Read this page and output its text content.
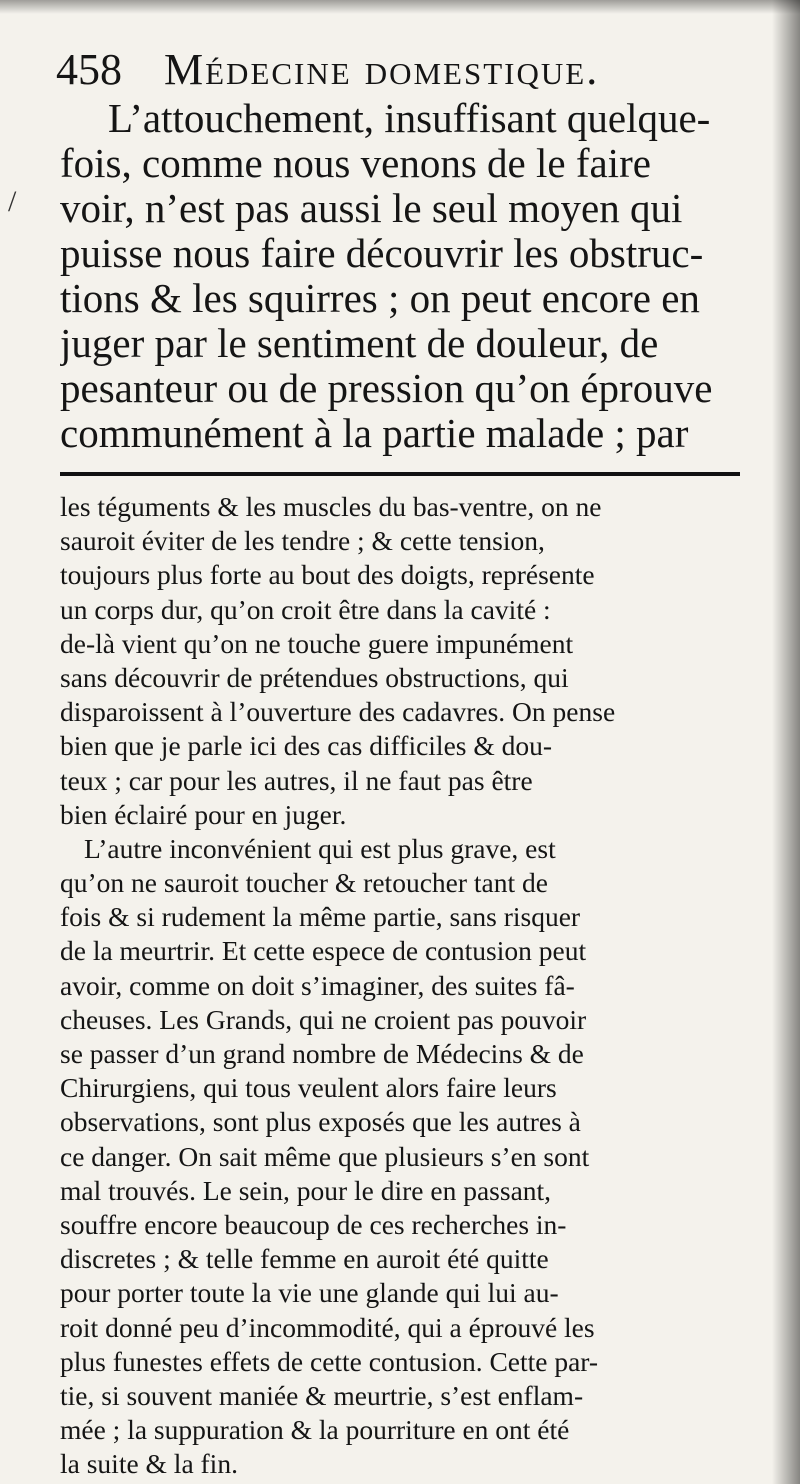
458 Médecine domestique.
/
L’attouchement, insuffisant quelque-
fois, comme nous venons de le faire
voir, n’est pas aussi le seul moyen qui
puisse nous faire découvrir les obstruc-
tions & les squirres ; on peut encore en
juger par le sentiment de douleur, de
pesanteur ou de pression qu’on éprouve
communément à la partie malade ; par
les téguments & les muscles du bas-ventre, on ne
sauroit éviter de les tendre ; & cette tension,
toujours plus forte au bout des doigts, représente
un corps dur, qu’on croit être dans la cavité :
de-là vient qu’on ne touche guere impunément
sans découvrir de prétendues obstructions, qui
disparoissent à l’ouverture des cadavres. On pense
bien que je parle ici des cas difficiles & dou-
teux ; car pour les autres, il ne faut pas être
bien éclairé pour en juger.
L’autre inconvénient qui est plus grave, est
qu’on ne sauroit toucher & retoucher tant de
fois & si rudement la même partie, sans risquer
de la meurtrir. Et cette espece de contusion peut
avoir, comme on doit s’imaginer, des suites fâ-
cheuses. Les Grands, qui ne croient pas pouvoir
se passer d’un grand nombre de Médecins & de
Chirurgiens, qui tous veulent alors faire leurs
observations, sont plus exposés que les autres à
ce danger. On sait même que plusieurs s’en sont
mal trouvés. Le sein, pour le dire en passant,
souffre encore beaucoup de ces recherches in-
discretes ; & telle femme en auroit été quitte
pour porter toute la vie une glande qui lui au-
roit donné peu d’incommodité, qui a éprouvé les
plus funestes effets de cette contusion. Cette par-
tie, si souvent maniée & meurtrie, s’est enflam-
mée ; la suppuration & la pourriture en ont été
la suite & la fin.
